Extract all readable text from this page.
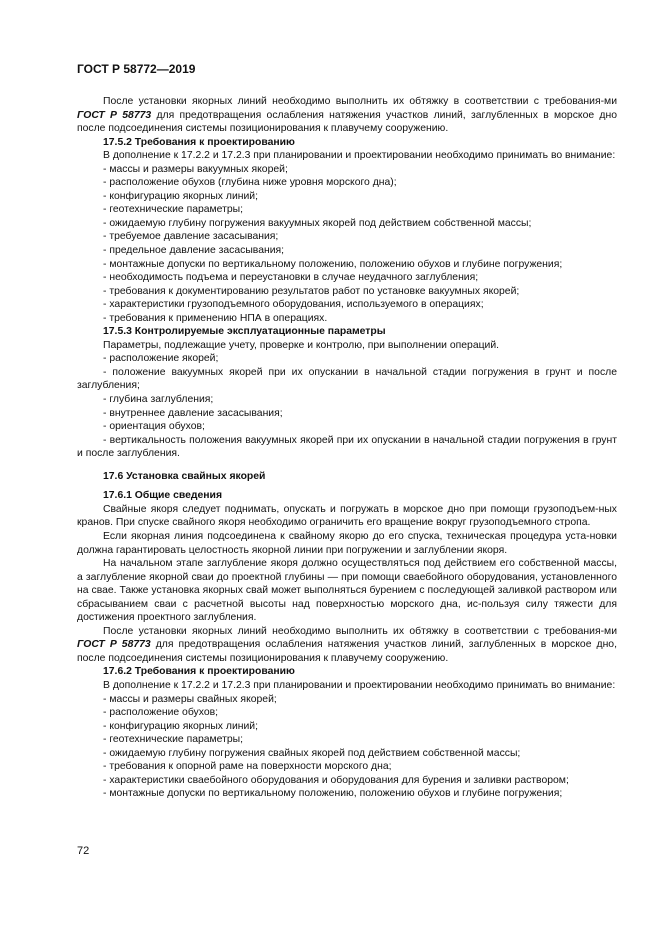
ГОСТ Р 58772—2019

После установки якорных линий необходимо выполнить их обтяжку в соответствии с требования-ми ГОСТ Р 58773 для предотвращения ослабления натяжения участков линий, заглубленных в морское дно после подсоединения системы позиционирования к плавучему сооружению.

17.5.2 Требования к проектированию

В дополнение к 17.2.2 и 17.2.3 при планировании и проектировании необходимо принимать во внимание:

- массы и размеры вакуумных якорей;

- расположение обухов (глубина ниже уровня морского дна);

- конфигурацию якорных линий;

- геотехнические параметры;

- ожидаемую глубину погружения вакуумных якорей под действием собственной массы;

- требуемое давление засасывания;

- предельное давление засасывания;

- монтажные допуски по вертикальному положению, положению обухов и глубине погружения;

- необходимость подъема и переустановки в случае неудачного заглубления;

- требования к документированию результатов работ по установке вакуумных якорей;

- характеристики грузоподъемного оборудования, используемого в операциях;

- требования к применению НПА в операциях.

17.5.3 Контролируемые эксплуатационные параметры

Параметры, подлежащие учету, проверке и контролю, при выполнении операций.

- расположение якорей;

- положение вакуумных якорей при их опускании в начальной стадии погружения в грунт и после заглубления;

- глубина заглубления;

- внутреннее давление засасывания;

- ориентация обухов;

- вертикальность положения вакуумных якорей при их опускании в начальной стадии погружения в грунт и после заглубления.

17.6 Установка свайных якорей

17.6.1 Общие сведения

Свайные якоря следует поднимать, опускать и погружать в морское дно при помощи грузоподъем-ных кранов. При спуске свайного якоря необходимо ограничить его вращение вокруг грузоподъемного стропа.

Если якорная линия подсоединена к свайному якорю до его спуска, техническая процедура уста-новки должна гарантировать целостность якорной линии при погружении и заглублении якоря.

На начальном этапе заглубление якоря должно осуществляться под действием его собственной массы, а заглубление якорной сваи до проектной глубины — при помощи сваебойного оборудования, установленного на свае. Также установка якорных свай может выполняться бурением с последующей заливкой раствором или сбрасыванием сваи с расчетной высоты над поверхностью морского дна, ис-пользуя силу тяжести для достижения проектного заглубления.

После установки якорных линий необходимо выполнить их обтяжку в соответствии с требования-ми ГОСТ Р 58773 для предотвращения ослабления натяжения участков линий, заглубленных в морское дно, после подсоединения системы позиционирования к плавучему сооружению.

17.6.2 Требования к проектированию

В дополнение к 17.2.2 и 17.2.3 при планировании и проектировании необходимо принимать во внимание:

- массы и размеры свайных якорей;

- расположение обухов;

- конфигурацию якорных линий;

- геотехнические параметры;

- ожидаемую глубину погружения свайных якорей под действием собственной массы;

- требования к опорной раме на поверхности морского дна;

- характеристики сваебойного оборудования и оборудования для бурения и заливки раствором;

- монтажные допуски по вертикальному положению, положению обухов и глубине погружения;

72
